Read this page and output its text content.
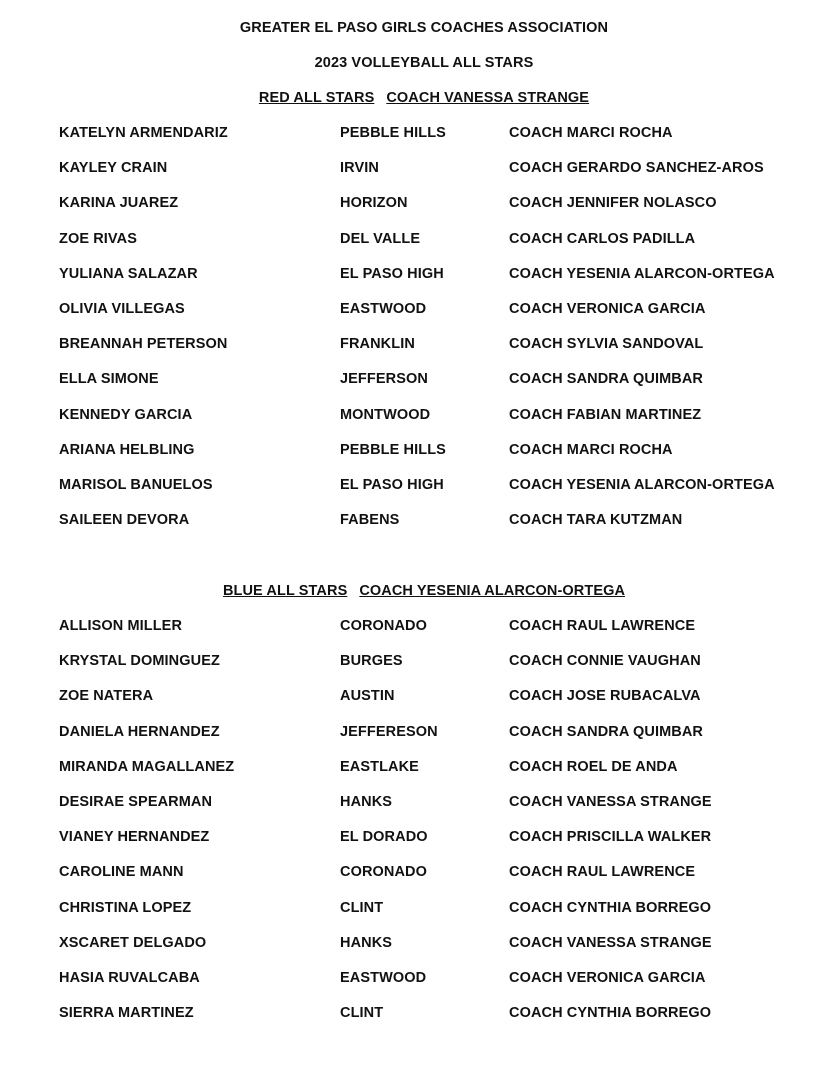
GREATER EL PASO GIRLS COACHES ASSOCIATION
2023 VOLLEYBALL ALL STARS
RED ALL STARS COACH VANESSA STRANGE
KATELYN ARMENDARIZ	PEBBLE HILLS	COACH MARCI ROCHA
KAYLEY CRAIN	IRVIN	COACH GERARDO SANCHEZ-AROS
KARINA JUAREZ	HORIZON	COACH JENNIFER NOLASCO
ZOE RIVAS	DEL VALLE	COACH CARLOS PADILLA
YULIANA SALAZAR	EL PASO HIGH	COACH YESENIA ALARCON-ORTEGA
OLIVIA VILLEGAS	EASTWOOD	COACH VERONICA GARCIA
BREANNAH PETERSON	FRANKLIN	COACH SYLVIA SANDOVAL
ELLA SIMONE	JEFFERSON	COACH SANDRA QUIMBAR
KENNEDY GARCIA	MONTWOOD	COACH FABIAN MARTINEZ
ARIANA HELBLING	PEBBLE HILLS	COACH MARCI ROCHA
MARISOL BANUELOS	EL PASO HIGH	COACH YESENIA ALARCON-ORTEGA
SAILEEN DEVORA	FABENS	COACH TARA KUTZMAN
BLUE ALL STARS COACH YESENIA ALARCON-ORTEGA
ALLISON MILLER	CORONADO	COACH RAUL LAWRENCE
KRYSTAL DOMINGUEZ	BURGES	COACH CONNIE VAUGHAN
ZOE NATERA	AUSTIN	COACH JOSE RUBACALVA
DANIELA HERNANDEZ	JEFFERESON	COACH SANDRA QUIMBAR
MIRANDA MAGALLANEZ	EASTLAKE	COACH ROEL DE ANDA
DESIRAE SPEARMAN	HANKS	COACH VANESSA STRANGE
VIANEY HERNANDEZ	EL DORADO	COACH PRISCILLA WALKER
CAROLINE MANN	CORONADO	COACH RAUL LAWRENCE
CHRISTINA LOPEZ	CLINT	COACH CYNTHIA BORREGO
XSCARET DELGADO	HANKS	COACH VANESSA STRANGE
HASIA RUVALCABA	EASTWOOD	COACH VERONICA GARCIA
SIERRA MARTINEZ	CLINT	COACH CYNTHIA BORREGO
